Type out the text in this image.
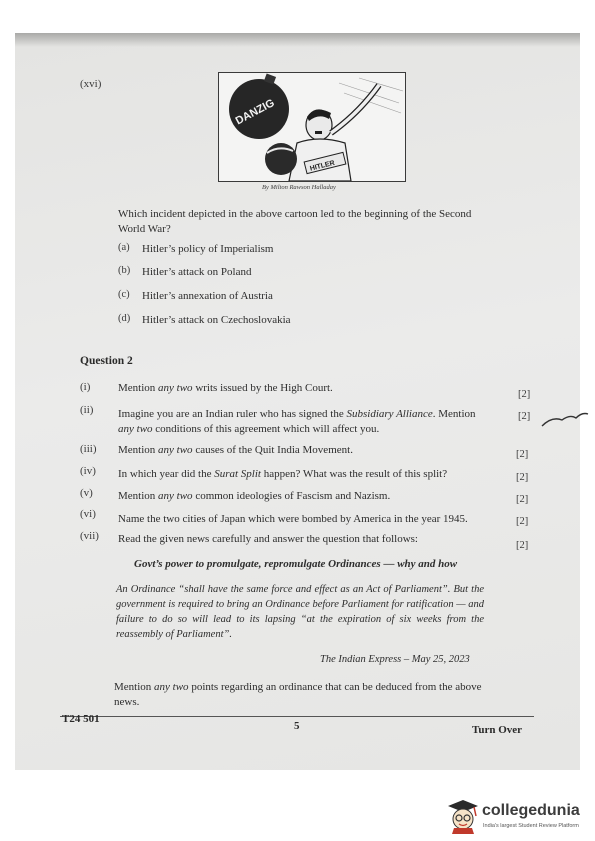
(xvi)
DANZIG
HITLER
By Milton Rawson Halladay
Which incident depicted in the above cartoon led to the beginning of the Second World War?
(a) Hitler’s policy of Imperialism
(b) Hitler’s attack on Poland
(c) Hitler’s annexation of Austria
(d) Hitler’s attack on Czechoslovakia
Question 2
(i)	Mention any two writs issued by the High Court.
[2]
(ii) Imagine you are an Indian ruler who has signed the Subsidiary Alliance. Mention
any two conditions of this agreement which will affect you.
[2]
(iii) Mention any two causes of the Quit India Movement.	[2]
(iv) In which year did the Surat Split happen? What was the result of this split?	[2]
(v) Mention any two common ideologies of Fascism and Nazism.	[2]
(vi) Name the two cities of Japan which were bombed by America in the year 1945.	[2]
(vii) Read the given news carefully and answer the question that follows:
[2]
Govt’s power to promulgate, repromulgate Ordinances — why and how
An Ordinance “shall have the same force and effect as an Act of Parliament”. But the government is required to bring an Ordinance before Parliament for ratification — and failure to do so will lead to its lapsing “at the expiration of six weeks from the reassembly of Parliament”.
The Indian Express – May 25, 2023
Mention any two points regarding an ordinance that can be deduced from the above news.
T24 501
5	Turn Over
collegedunia
India's largest Student Review Platform
